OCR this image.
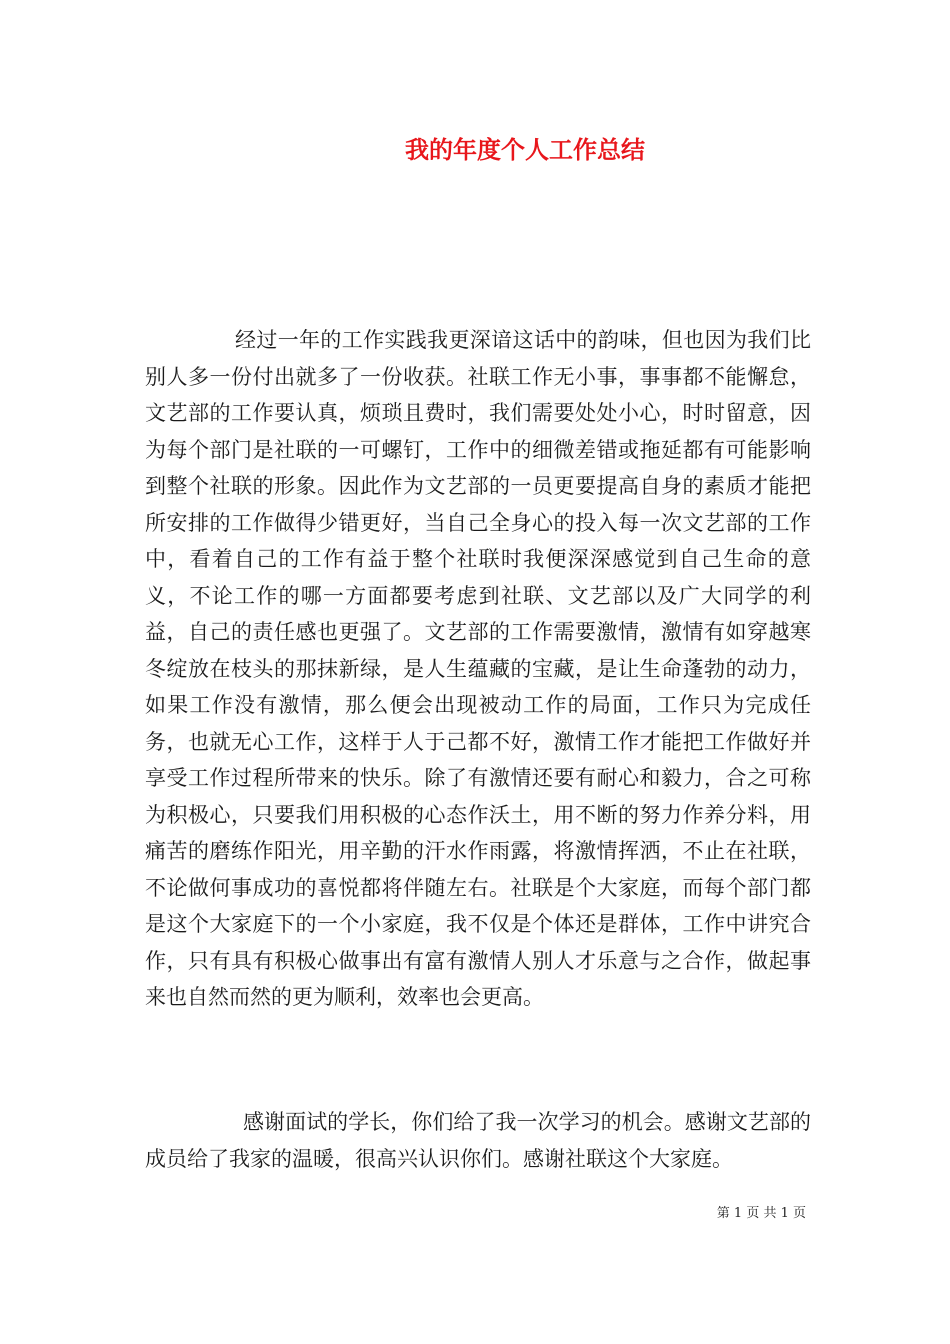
我的年度个人工作总结

经过一年的工作实践我更深谙这话中的韵味，但也因为我们比别人多一份付出就多了一份收获。社联工作无小事，事事都不能懈怠，文艺部的工作要认真，烦琐且费时，我们需要处处小心，时时留意，因为每个部门是社联的一可螺钉，工作中的细微差错或拖延都有可能影响到整个社联的形象。因此作为文艺部的一员更要提高自身的素质才能把所安排的工作做得少错更好，当自己全身心的投入每一次文艺部的工作中，看着自己的工作有益于整个社联时我便深深感觉到自己生命的意义，不论工作的哪一方面都要考虑到社联、文艺部以及广大同学的利益，自己的责任感也更强了。文艺部的工作需要激情，激情有如穿越寒冬绽放在枝头的那抹新绿，是人生蕴藏的宝藏，是让生命蓬勃的动力，如果工作没有激情，那么便会出现被动工作的局面，工作只为完成任务，也就无心工作，这样于人于己都不好，激情工作才能把工作做好并享受工作过程所带来的快乐。除了有激情还要有耐心和毅力，合之可称为积极心，只要我们用积极的心态作沃土，用不断的努力作养分料，用痛苦的磨练作阳光，用辛勤的汗水作雨露，将激情挥洒，不止在社联，不论做何事成功的喜悦都将伴随左右。社联是个大家庭，而每个部门都是这个大家庭下的一个小家庭，我不仅是个体还是群体，工作中讲究合作，只有具有积极心做事出有富有激情人别人才乐意与之合作，做起事来也自然而然的更为顺利，效率也会更高。

感谢面试的学长，你们给了我一次学习的机会。感谢文艺部的成员给了我家的温暖，很高兴认识你们。感谢社联这个大家庭。

第 1 页 共 1 页
